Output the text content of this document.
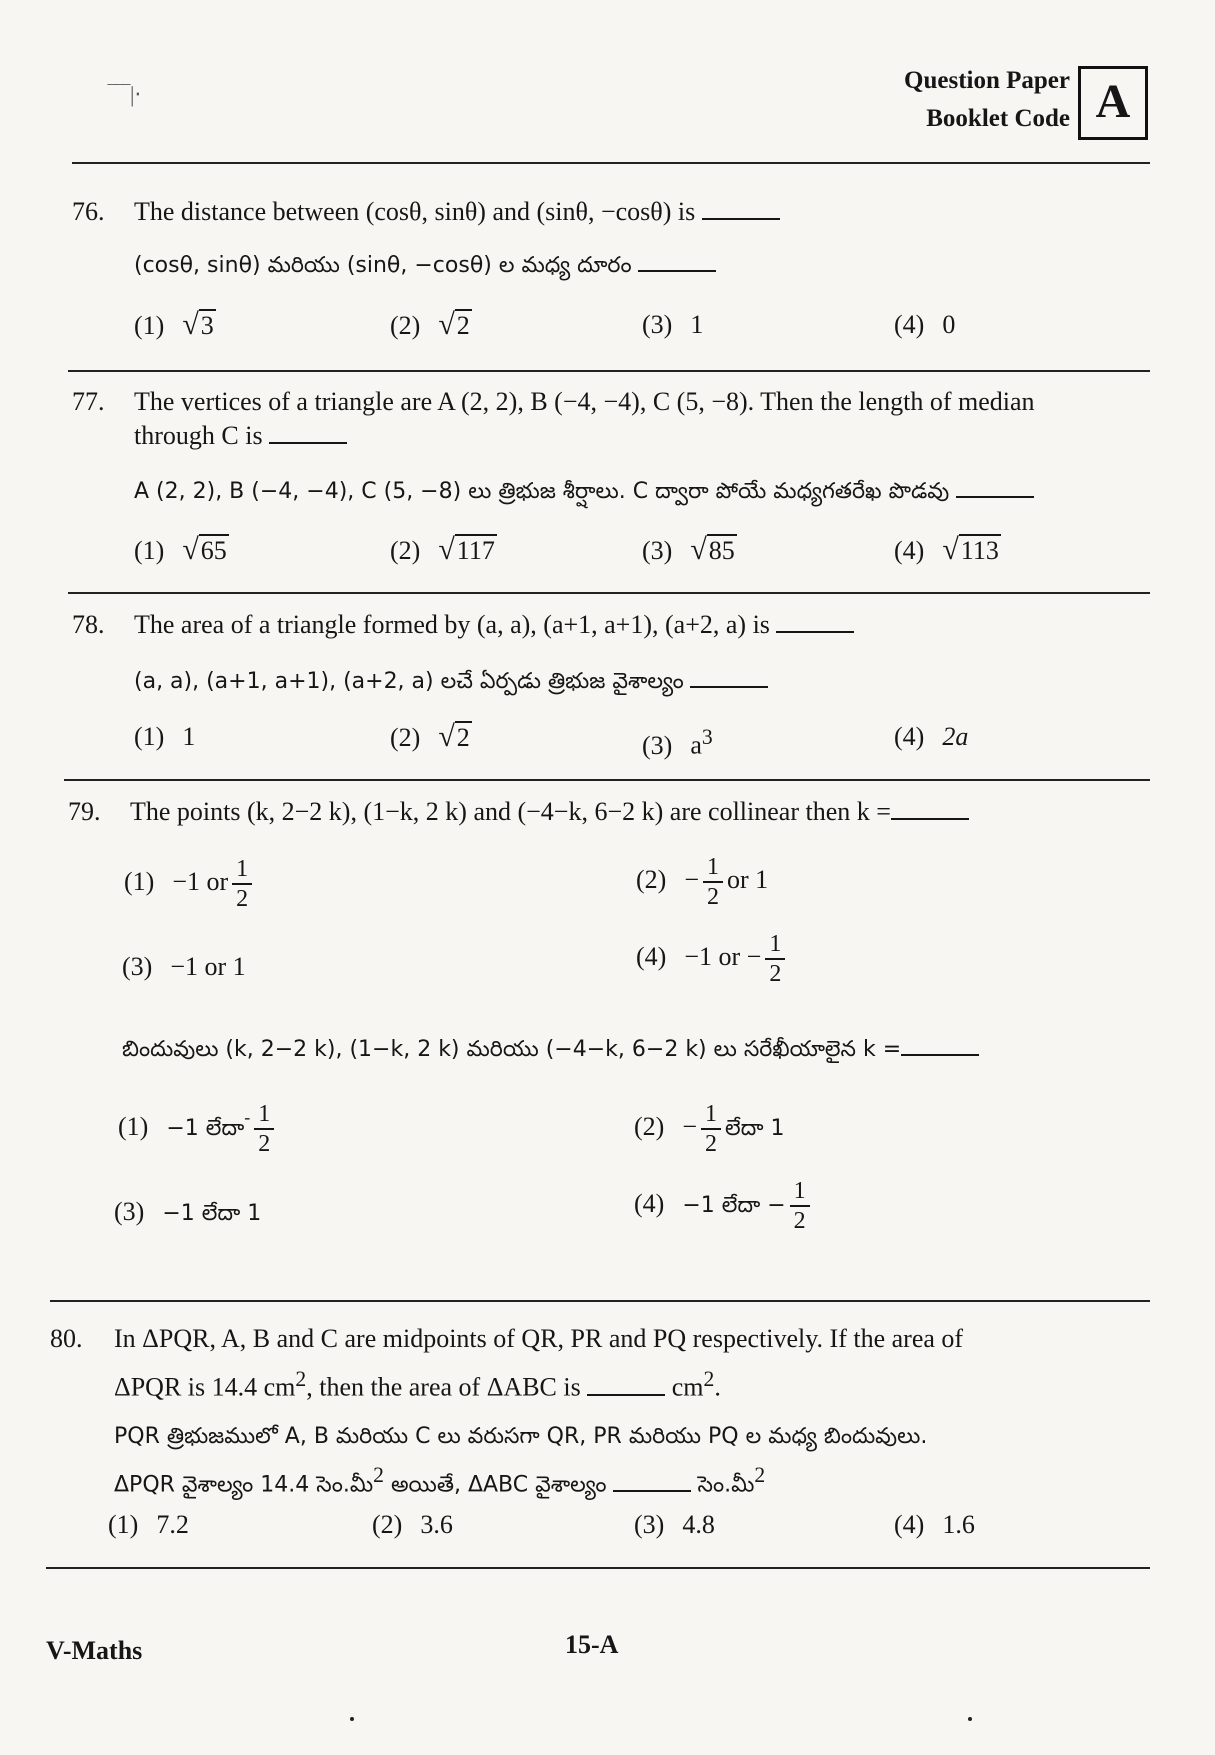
‾‾‾|‧
Question Paper
Booklet Code A
76. The distance between (cosθ, sinθ) and (sinθ, −cosθ) is
(cosθ, sinθ) మరియు (sinθ, −cosθ) ల మధ్య దూరం
(1) √3	(2) √2	(3) 1	(4) 0
77. The vertices of a triangle are A (2, 2), B (−4, −4), C (5, −8). Then the length of median
through C is
A (2, 2), B (−4, −4), C (5, −8) లు త్రిభుజ శీర్షాలు. C ద్వారా పోయే మధ్యగతరేఖ పొడవు
(1) √65	(2) √117	(3) √85	(4) √113
78. The area of a triangle formed by (a, a), (a+1, a+1), (a+2, a) is
(a, a), (a+1, a+1), (a+2, a) లచే ఏర్పడు త్రిభుజ వైశాల్యం
(1) 1	(2) √2	(3) $a^3$	(4) 2a
79. The points (k, 2−2 k), (1−k, 2 k) and (−4−k, 6−2 k) are collinear then k =
(1) −1 or $\frac{1}{2}$	$(2) - \frac{1}{2}$ or 1
(3) −1 or 1	(4) −1 or − $\frac{1}{2}$
బిందువులు (k, 2−2 k), (1−k, 2 k) మరియు (−4−k, 6−2 k) లు సరేఖీయాలైన k =
(1) −1 లేదా- $\frac{1}{2}$	$(2) - \frac{1}{2}$ లేదా 1
(3) −1 లేదా 1	(4) −1 లేదా − $\frac{1}{2}$
80. In ΔPQR, A, B and C are midpoints of QR, PR and PQ respectively. If the area of
ΔPQR is 14.4 $cm^2$, then the area of ΔABC is	$cm^2$.
PQR త్రిభుజములో A, B మరియు C లు వరుసగా QR, PR మరియు PQ ల మధ్య బిందువులు.
ΔPQR వైశాల్యం 14.4 సెం.మీ$^2$ అయితే, ΔABC వైశాల్యం	సెం.మీ$^2$
(1) 7.2	(2) 3.6	(3) 4.8	(4) 1.6
V-Maths	15-A
